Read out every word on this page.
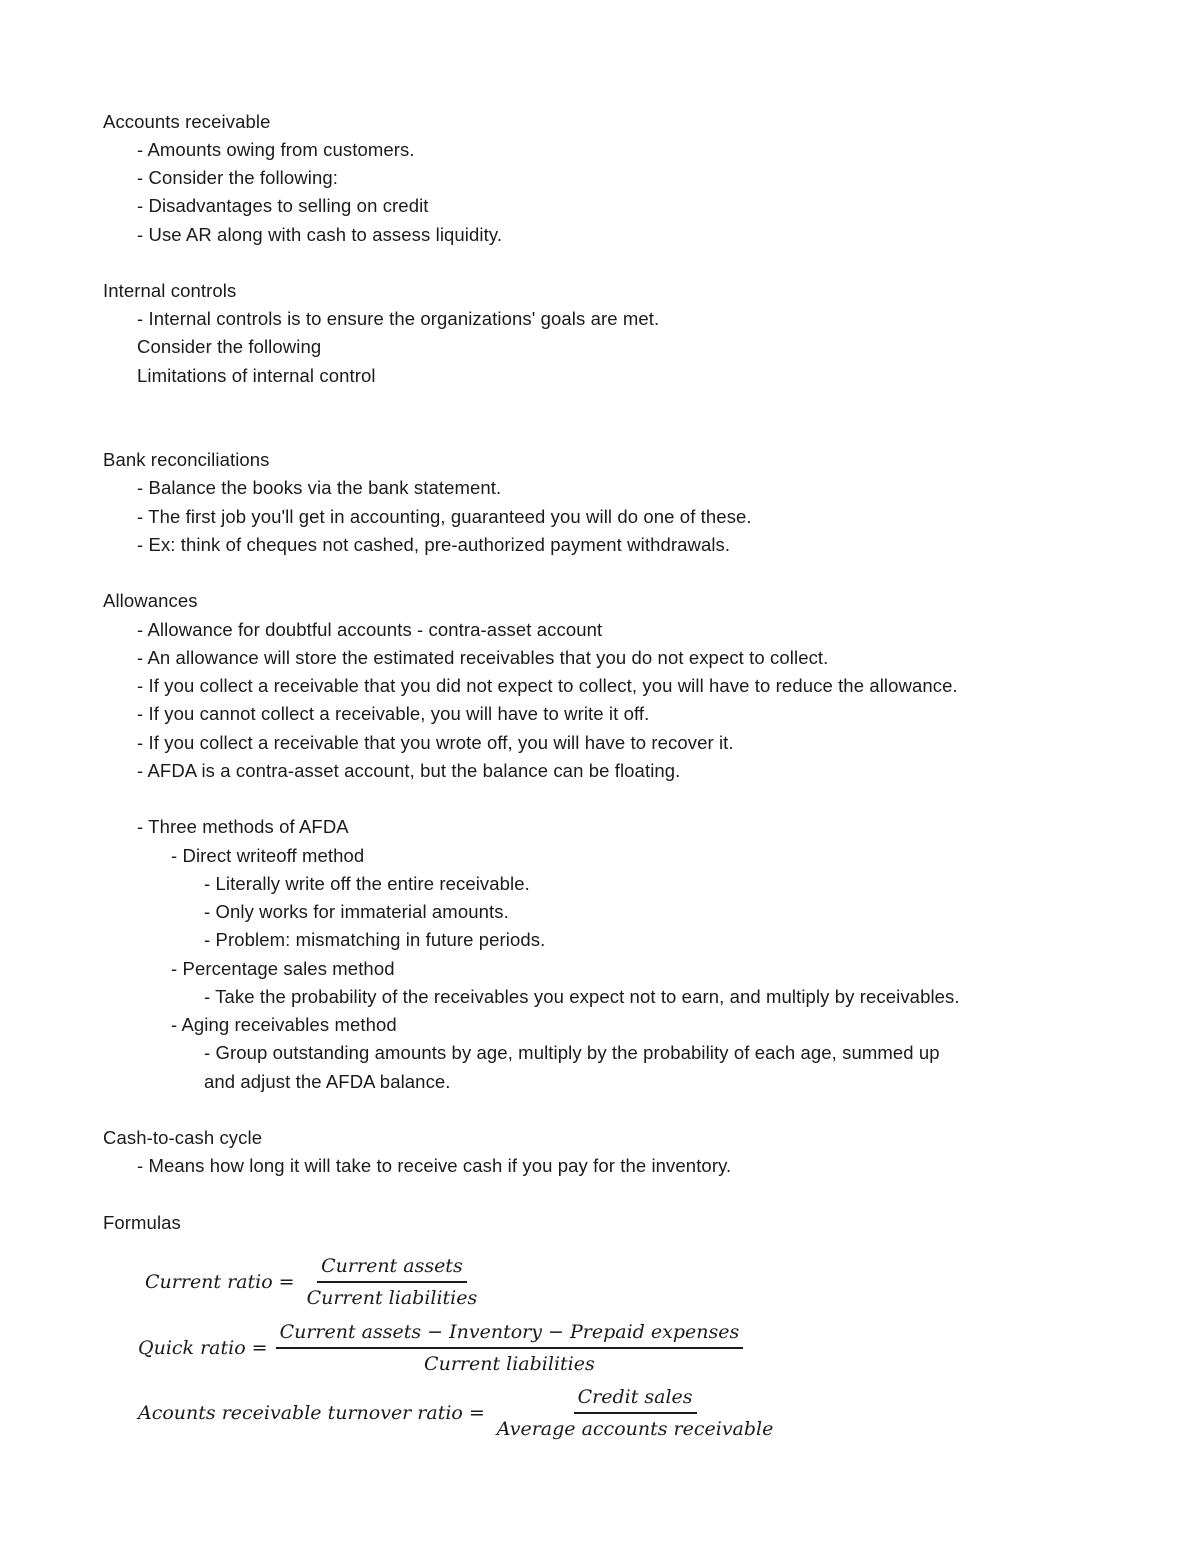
Accounts receivable
- Amounts owing from customers.
- Consider the following:
- Disadvantages to selling on credit
- Use AR along with cash to assess liquidity.
Internal controls
- Internal controls is to ensure the organizations' goals are met.
Consider the following
Limitations of internal control
Bank reconciliations
- Balance the books via the bank statement.
- The first job you'll get in accounting, guaranteed you will do one of these.
- Ex: think of cheques not cashed, pre-authorized payment withdrawals.
Allowances
- Allowance for doubtful accounts - contra-asset account
- An allowance will store the estimated receivables that you do not expect to collect.
- If you collect a receivable that you did not expect to collect, you will have to reduce the allowance.
- If you cannot collect a receivable, you will have to write it off.
- If you collect a receivable that you wrote off, you will have to recover it.
- AFDA is a contra-asset account, but the balance can be floating.
- Three methods of AFDA
- Direct writeoff method
- Literally write off the entire receivable.
- Only works for immaterial amounts.
- Problem: mismatching in future periods.
- Percentage sales method
- Take the probability of the receivables you expect not to earn, and multiply by receivables.
- Aging receivables method
- Group outstanding amounts by age, multiply by the probability of each age, summed up
and adjust the AFDA balance.
Cash-to-cash cycle
- Means how long it will take to receive cash if you pay for the inventory.
Formulas
Current ratio = $\frac{\text{Current assets}}{\text{Current liabilities}}$
Quick ratio = $\frac{\text{Current assets − Inventory − Prepaid expenses}}{\text{Current liabilities}}$
Acounts receivable turnover ratio = $\frac{\text{Credit sales}}{\text{Average accounts receivable}}$
